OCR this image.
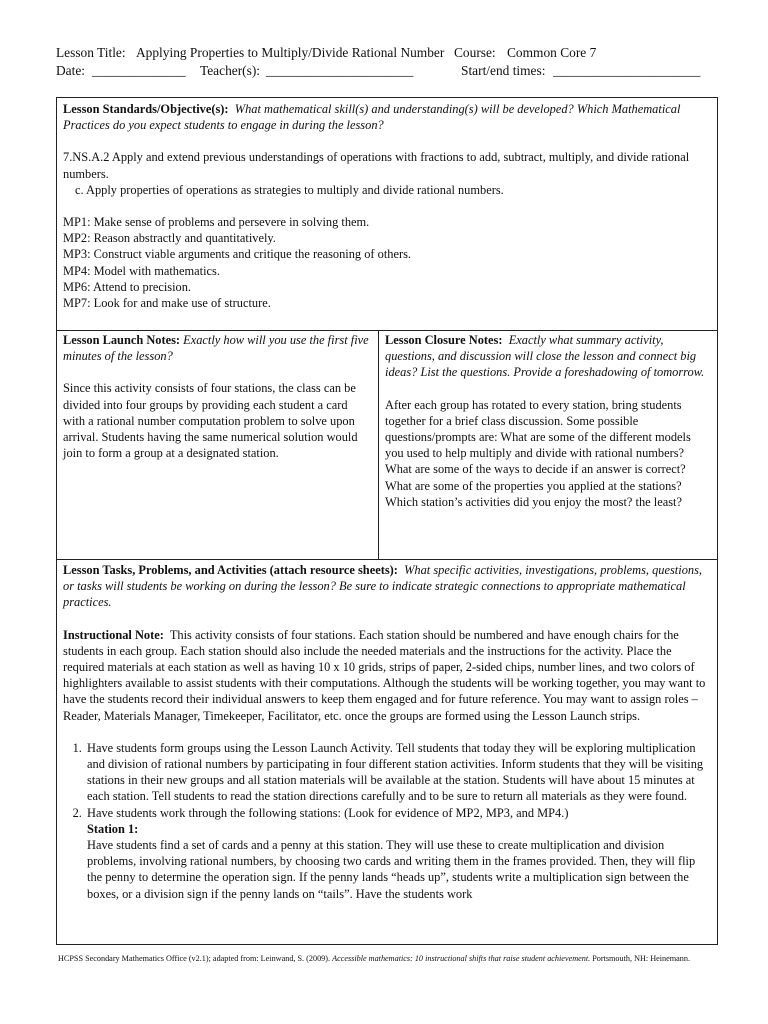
Lesson Title: Applying Properties to Multiply/Divide Rational Number Course: Common Core 7
Date: ______________ Teacher(s): ______________________	Start/end times: ______________________

Lesson Standards/Objective(s): What mathematical skill(s) and understanding(s) will be developed? Which Mathematical Practices do you expect students to engage in during the lesson?

7.NS.A.2 Apply and extend previous understandings of operations with fractions to add, subtract, multiply, and divide rational numbers.

c. Apply properties of operations as strategies to multiply and divide rational numbers.

MP1: Make sense of problems and persevere in solving them.

MP2: Reason abstractly and quantitatively.

MP3: Construct viable arguments and critique the reasoning of others.

MP4: Model with mathematics.

MP6: Attend to precision.

MP7: Look for and make use of structure.

Lesson Launch Notes: Exactly how will you use the first five minutes of the lesson?

Since this activity consists of four stations, the class can be divided into four groups by providing each student a card with a rational number computation problem to solve upon arrival. Students having the same numerical solution would join to form a group at a designated station.

Lesson Closure Notes: Exactly what summary activity, questions, and discussion will close the lesson and connect big ideas? List the questions. Provide a foreshadowing of tomorrow.

After each group has rotated to every station, bring students together for a brief class discussion. Some possible questions/prompts are: What are some of the different models you used to help multiply and divide with rational numbers? What are some of the ways to decide if an answer is correct? What are some of the properties you applied at the stations? Which station’s activities did you enjoy the most? the least?

Lesson Tasks, Problems, and Activities (attach resource sheets): What specific activities, investigations, problems, questions, or tasks will students be working on during the lesson? Be sure to indicate strategic connections to appropriate mathematical practices.

Instructional Note: This activity consists of four stations. Each station should be numbered and have enough chairs for the students in each group. Each station should also include the needed materials and the instructions for the activity. Place the required materials at each station as well as having 10 x 10 grids, strips of paper, 2-sided chips, number lines, and two colors of highlighters available to assist students with their computations. Although the students will be working together, you may want to have the students record their individual answers to keep them engaged and for future reference. You may want to assign roles – Reader, Materials Manager, Timekeeper, Facilitator, etc. once the groups are formed using the Lesson Launch strips.

1. Have students form groups using the Lesson Launch Activity. Tell students that today they will be exploring multiplication and division of rational numbers by participating in four different station activities. Inform students that they will be visiting stations in their new groups and all station materials will be available at the station. Students will have about 15 minutes at each station. Tell students to read the station directions carefully and to be sure to return all materials as they were found.
2. Have students work through the following stations: (Look for evidence of MP2, MP3, and MP4.)
Station 1:
Have students find a set of cards and a penny at this station. They will use these to create multiplication and division problems, involving rational numbers, by choosing two cards and writing them in the frames provided. Then, they will flip the penny to determine the operation sign. If the penny lands “heads up”, students write a multiplication sign between the boxes, or a division sign if the penny lands on “tails”. Have the students work
HCPSS Secondary Mathematics Office (v2.1); adapted from: Leinwand, S. (2009). Accessible mathematics: 10 instructional shifts that raise student achievement. Portsmouth, NH: Heinemann.
